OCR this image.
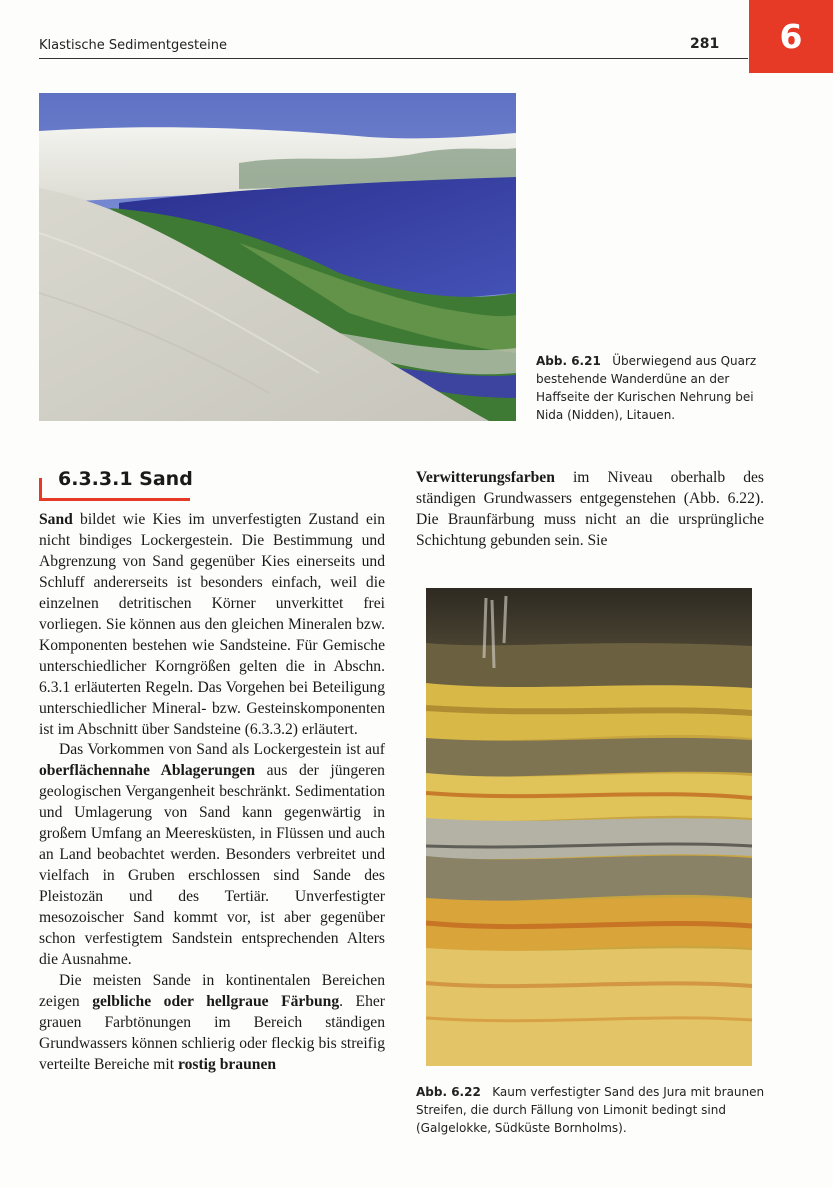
Klastische Sedimentgesteine	281	6
Abb. 6.21 Überwiegend aus Quarz bestehende Wanderdüne an der Haffseite der Kurischen Nehrung bei Nida (Nidden), Litauen.
6.3.3.1 Sand

Sand bildet wie Kies im unverfestigten Zustand ein nicht bindiges Lockergestein. Die Bestimmung und Abgrenzung von Sand gegenüber Kies einerseits und Schluff andererseits ist besonders einfach, weil die einzelnen detritischen Körner unverkittet frei vorliegen. Sie können aus den gleichen Mineralen bzw. Komponenten bestehen wie Sandsteine. Für Gemische unterschiedlicher Korngrößen gelten die in Abschn. 6.3.1 erläuterten Regeln. Das Vorgehen bei Beteiligung unterschiedlicher Mineral- bzw. Gesteinskomponenten ist im Abschnitt über Sandsteine (6.3.3.2) erläutert.

Das Vorkommen von Sand als Lockergestein ist auf oberflächennahe Ablagerungen aus der jüngeren geologischen Vergangenheit beschränkt. Sedimentation und Umlagerung von Sand kann gegenwärtig in großem Umfang an Meeresküsten, in Flüssen und auch an Land beobachtet werden. Besonders verbreitet und vielfach in Gruben erschlossen sind Sande des Pleistozän und des Tertiär. Unverfestigter mesozoischer Sand kommt vor, ist aber gegenüber schon verfestigtem Sandstein entsprechenden Alters die Ausnahme.

Die meisten Sande in kontinentalen Bereichen zeigen gelbliche oder hellgraue Färbung. Eher grauen Farbtönungen im Bereich ständigen Grundwassers können schlierig oder fleckig bis streifig verteilte Bereiche mit rostig braunen

Verwitterungsfarben im Niveau oberhalb des ständigen Grundwassers entgegenstehen (Abb. 6.22). Die Braunfärbung muss nicht an die ursprüngliche Schichtung gebunden sein. Sie

Abb. 6.22 Kaum verfestigter Sand des Jura mit braunen Streifen, die durch Fällung von Limonit bedingt sind (Galgelokke, Südküste Bornholms).
